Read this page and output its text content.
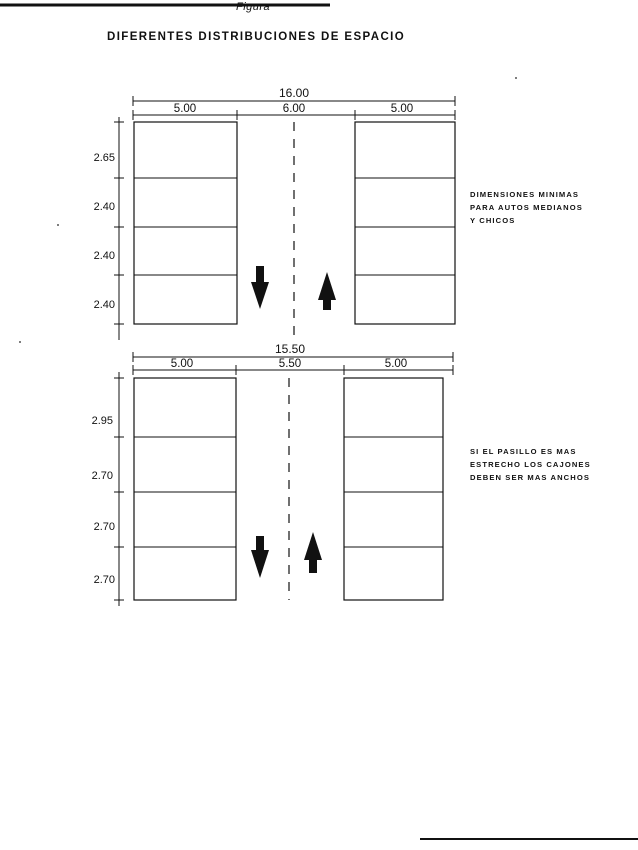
Figura
DIFERENTES DISTRIBUCIONES DE ESPACIO
16.00
5.00	6.00	5.00
2.65
2.40
2.40
2.40
15.50
5.00	5.50	5.00
2.95
2.70
2.70
2.70
DIMENSIONES MINIMAS
PARA AUTOS MEDIANOS
Y CHICOS
SI EL PASILLO ES MAS
ESTRECHO LOS CAJONES
DEBEN SER MAS ANCHOS
